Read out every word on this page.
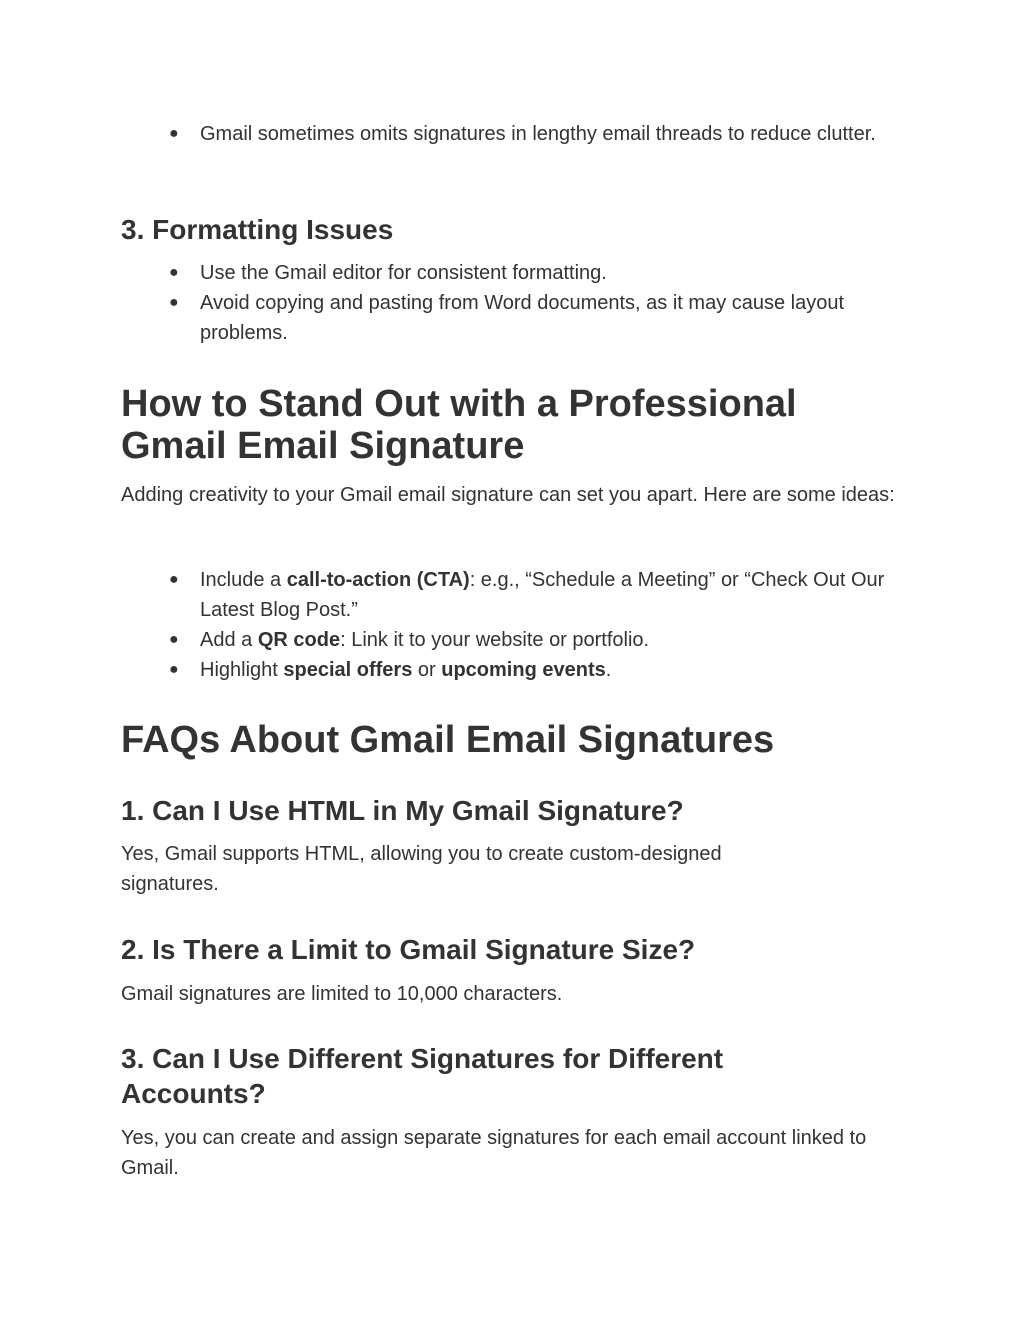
● Gmail sometimes omits signatures in lengthy email threads to reduce clutter.
3. Formatting Issues
● Use the Gmail editor for consistent formatting.
● Avoid copying and pasting from Word documents, as it may cause layout problems.
How to Stand Out with a Professional Gmail Email Signature

Adding creativity to your Gmail email signature can set you apart. Here are some ideas:

● Include a call-to-action (CTA): e.g., “Schedule a Meeting” or “Check Out Our Latest Blog Post.”
● Add a QR code: Link it to your website or portfolio.
● Highlight special offers or upcoming events.
FAQs About Gmail Email Signatures
1. Can I Use HTML in My Gmail Signature?

Yes, Gmail supports HTML, allowing you to create custom-designed signatures.

2. Is There a Limit to Gmail Signature Size?

Gmail signatures are limited to 10,000 characters.

3. Can I Use Different Signatures for Different Accounts?

Yes, you can create and assign separate signatures for each email account linked to Gmail.
